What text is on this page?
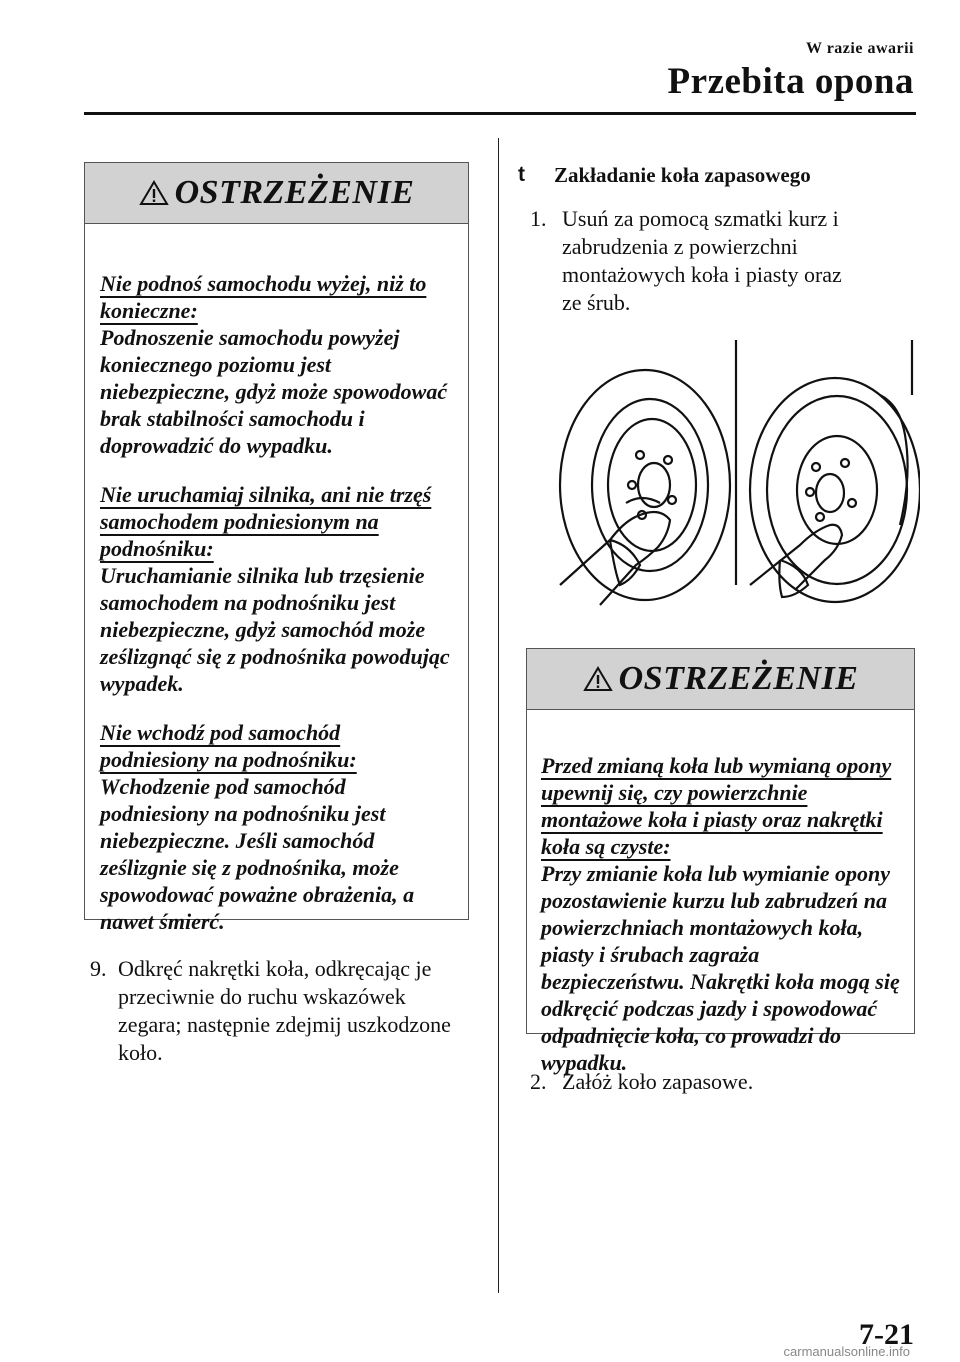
W razie awarii
Przebita opona
OSTRZEŻENIE

Nie podnoś samochodu wyżej, niż to konieczne:
Podnoszenie samochodu powyżej koniecznego poziomu jest niebezpieczne, gdyż może spowodować brak stabilności samochodu i doprowadzić do wypadku.

Nie uruchamiaj silnika, ani nie trzęś samochodem podniesionym na podnośniku:
Uruchamianie silnika lub trzęsienie samochodem na podnośniku jest niebezpieczne, gdyż samochód może ześlizgnąć się z podnośnika powodując wypadek.

Nie wchodź pod samochód podniesiony na podnośniku:
Wchodzenie pod samochód podniesiony na podnośniku jest niebezpieczne. Jeśli samochód ześlizgnie się z podnośnika, może spowodować poważne obrażenia, a nawet śmierć.

9. Odkręć nakrętki koła, odkręcając je przeciwnie do ruchu wskazówek zegara; następnie zdejmij uszkodzone koło.
t Zakładanie koła zapasowego
1. Usuń za pomocą szmatki kurz i zabrudzenia z powierzchni montażowych koła i piasty oraz ze śrub.
OSTRZEŻENIE

Przed zmianą koła lub wymianą opony upewnij się, czy powierzchnie montażowe koła i piasty oraz nakrętki koła są czyste:
Przy zmianie koła lub wymianie opony pozostawienie kurzu lub zabrudzeń na powierzchniach montażowych koła, piasty i śrubach zagraża bezpieczeństwu. Nakrętki koła mogą się odkręcić podczas jazdy i spowodować odpadnięcie koła, co prowadzi do wypadku.

2. Załóż koło zapasowe.
7-21
carmanualsonline.info
